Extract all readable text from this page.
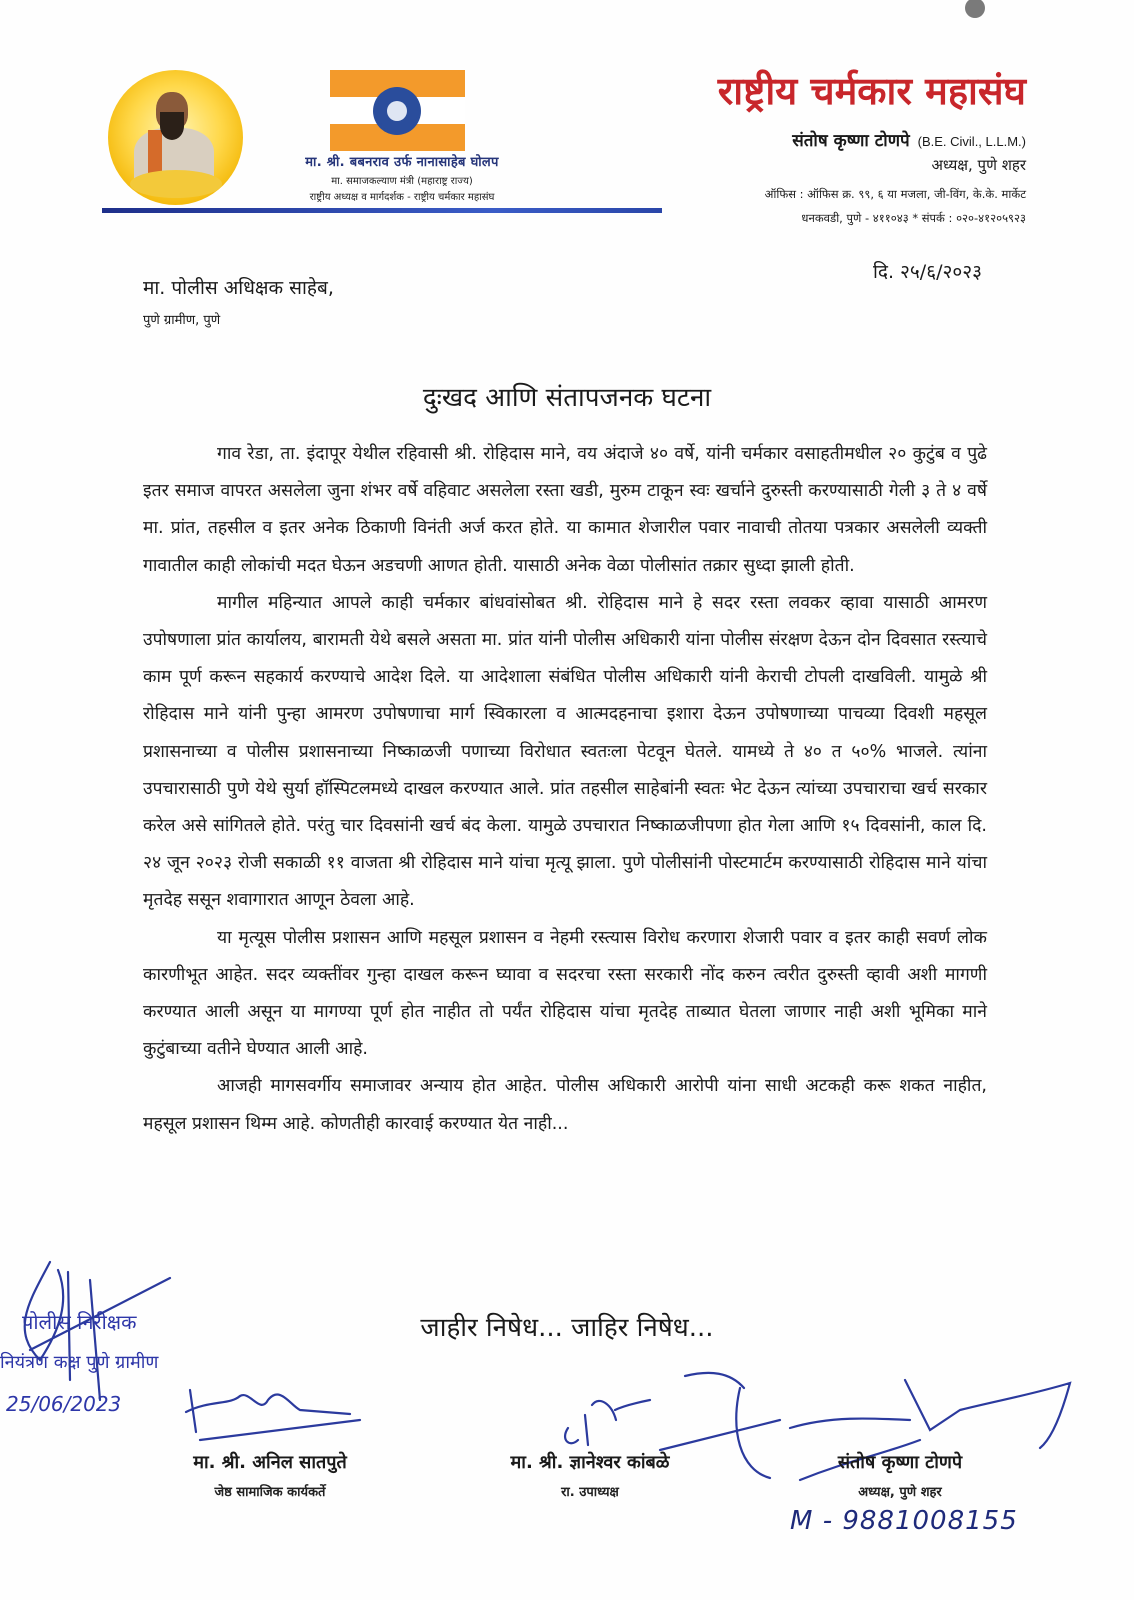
मा. श्री. बबनराव उर्फ नानासाहेब घोलप
मा. समाजकल्याण मंत्री (महाराष्ट्र राज्य)
राष्ट्रीय अध्यक्ष व मार्गदर्शक - राष्ट्रीय चर्मकार महासंघ
राष्ट्रीय चर्मकार महासंघ
संतोष कृष्णा टोणपे (B.E. Civil., L.L.M.)
अध्यक्ष, पुणे शहर
ऑफिस : ऑफिस क्र. ९९, ६ या मजला, जी-विंग, के.के. मार्केट
धनकवडी, पुणे - ४११०४३ * संपर्क : ०२०-४१२०५९२३
दि. २५/६/२०२३
मा. पोलीस अधिक्षक साहेब,
पुणे ग्रामीण, पुणे
दुःखद आणि संतापजनक घटना

गाव रेडा, ता. इंदापूर येथील रहिवासी श्री. रोहिदास माने, वय अंदाजे ४० वर्षे, यांनी चर्मकार वसाहतीमधील २० कुटुंब व पुढे इतर समाज वापरत असलेला जुना शंभर वर्षे वहिवाट असलेला रस्ता खडी, मुरुम टाकून स्वः खर्चाने दुरुस्ती करण्यासाठी गेली ३ ते ४ वर्षे मा. प्रांत, तहसील व इतर अनेक ठिकाणी विनंती अर्ज करत होते. या कामात शेजारील पवार नावाची तोतया पत्रकार असलेली व्यक्ती गावातील काही लोकांची मदत घेऊन अडचणी आणत होती. यासाठी अनेक वेळा पोलीसांत तक्रार सुध्दा झाली होती.

मागील महिन्यात आपले काही चर्मकार बांधवांसोबत श्री. रोहिदास माने हे सदर रस्ता लवकर व्हावा यासाठी आमरण उपोषणाला प्रांत कार्यालय, बारामती येथे बसले असता मा. प्रांत यांनी पोलीस अधिकारी यांना पोलीस संरक्षण देऊन दोन दिवसात रस्त्याचे काम पूर्ण करून सहकार्य करण्याचे आदेश दिले. या आदेशाला संबंधित पोलीस अधिकारी यांनी केराची टोपली दाखविली. यामुळे श्री रोहिदास माने यांनी पुन्हा आमरण उपोषणाचा मार्ग स्विकारला व आत्मदहनाचा इशारा देऊन उपोषणाच्या पाचव्या दिवशी महसूल प्रशासनाच्या व पोलीस प्रशासनाच्या निष्काळजी पणाच्या विरोधात स्वतःला पेटवून घेतले. यामध्ये ते ४० त ५०% भाजले. त्यांना उपचारासाठी पुणे येथे सुर्या हॉस्पिटलमध्ये दाखल करण्यात आले. प्रांत तहसील साहेबांनी स्वतः भेट देऊन त्यांच्या उपचाराचा खर्च सरकार करेल असे सांगितले होते. परंतु चार दिवसांनी खर्च बंद केला. यामुळे उपचारात निष्काळजीपणा होत गेला आणि १५ दिवसांनी, काल दि. २४ जून २०२३ रोजी सकाळी ११ वाजता श्री रोहिदास माने यांचा मृत्यू झाला. पुणे पोलीसांनी पोस्टमार्टम करण्यासाठी रोहिदास माने यांचा मृतदेह ससून शवागारात आणून ठेवला आहे.

या मृत्यूस पोलीस प्रशासन आणि महसूल प्रशासन व नेहमी रस्त्यास विरोध करणारा शेजारी पवार व इतर काही सवर्ण लोक कारणीभूत आहेत. सदर व्यक्तींवर गुन्हा दाखल करून घ्यावा व सदरचा रस्ता सरकारी नोंद करुन त्वरीत दुरुस्ती व्हावी अशी मागणी करण्यात आली असून या मागण्या पूर्ण होत नाहीत तो पर्यंत रोहिदास यांचा मृतदेह ताब्यात घेतला जाणार नाही अशी भूमिका माने कुटुंबाच्या वतीने घेण्यात आली आहे.

आजही मागसवर्गीय समाजावर अन्याय होत आहेत. पोलीस अधिकारी आरोपी यांना साधी अटकही करू शकत नाहीत, महसूल प्रशासन थिम्म आहे. कोणतीही कारवाई करण्यात येत नाही...

जाहीर निषेध... जाहिर निषेध...
पोलीस निरीक्षक
नियंत्रण कक्ष पुणे ग्रामीण
25/06/2023
मा. श्री. अनिल सातपुते
जेष्ठ सामाजिक कार्यकर्ते
मा. श्री. ज्ञानेश्वर कांबळे
रा. उपाध्यक्ष
संतोष कृष्णा टोणपे
अध्यक्ष, पुणे शहर
M - 9881008155
